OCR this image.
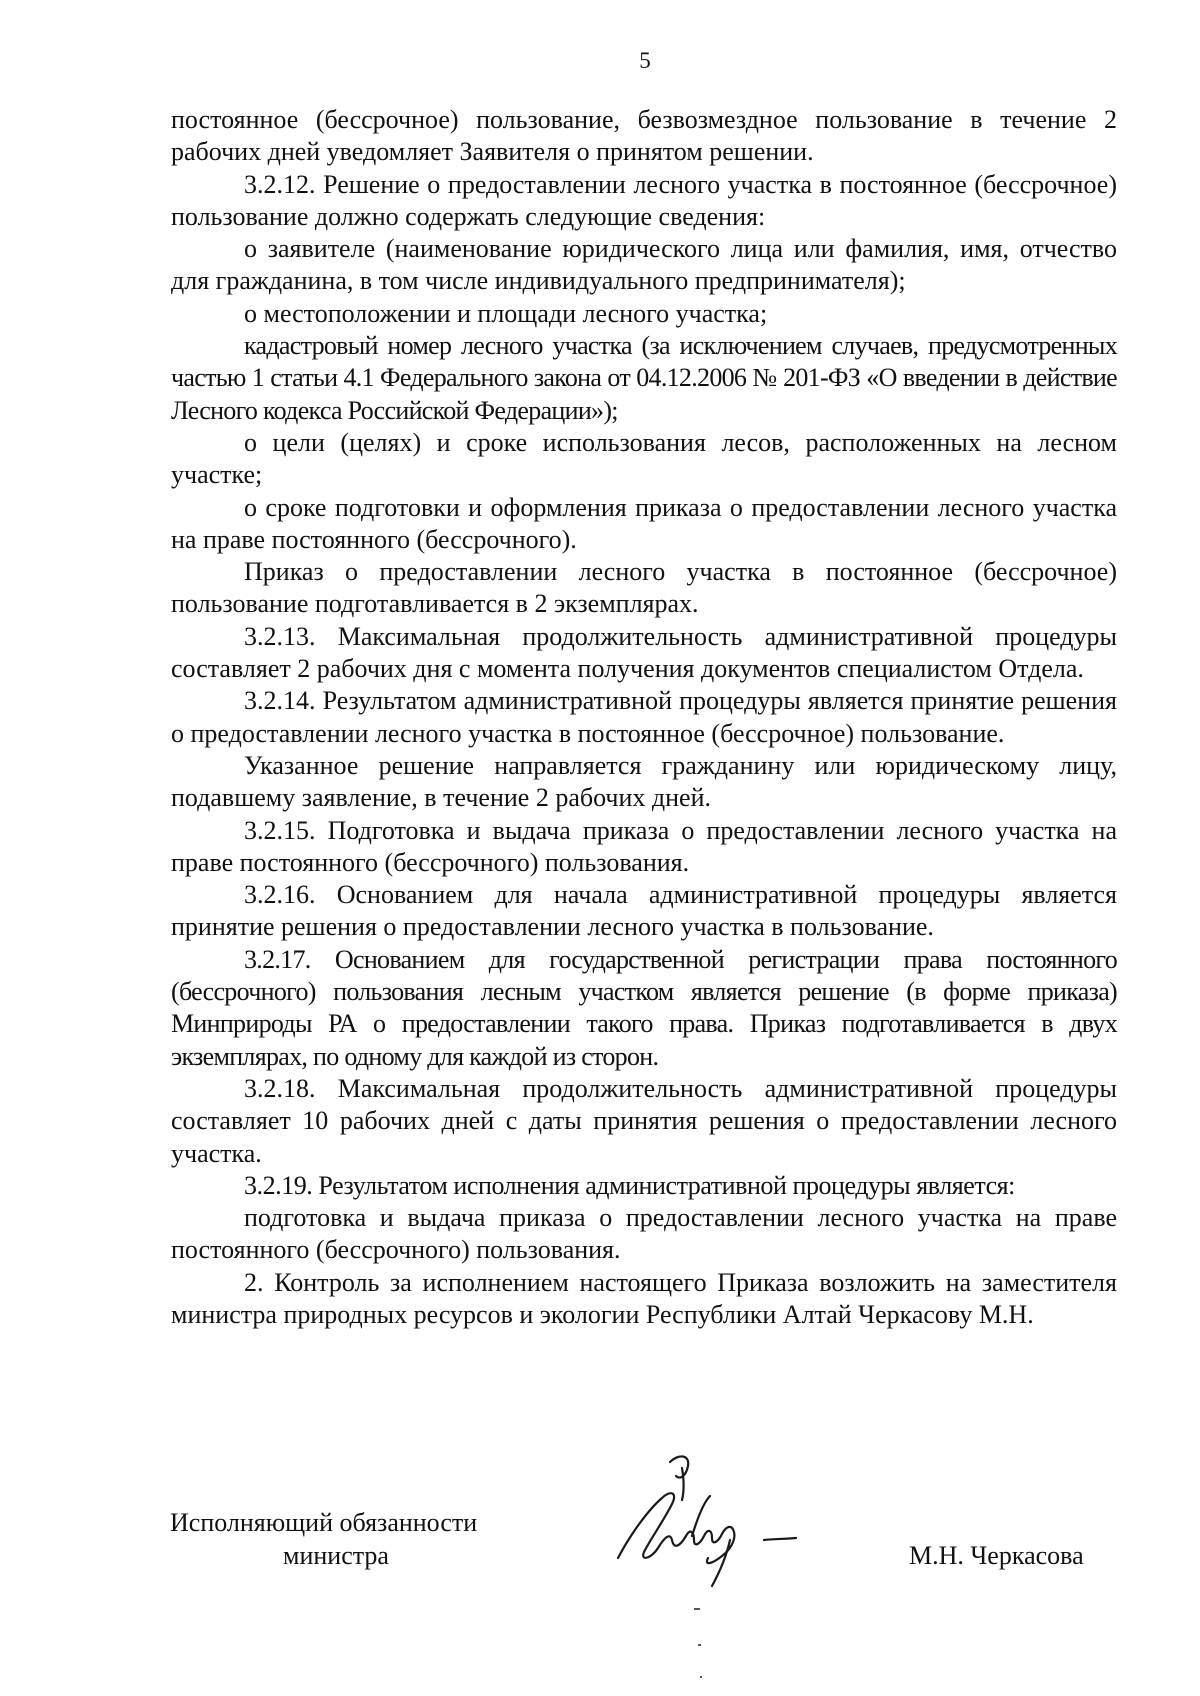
5

постоянное (бессрочное) пользование, безвозмездное пользование в течение 2 рабочих дней уведомляет Заявителя о принятом решении.

3.2.12. Решение о предоставлении лесного участка в постоянное (бессрочное) пользование должно содержать следующие сведения:

о заявителе (наименование юридического лица или фамилия, имя, отчество для гражданина, в том числе индивидуального предпринимателя);

о местоположении и площади лесного участка;

кадастровый номер лесного участка (за исключением случаев, предусмотренных частью 1 статьи 4.1 Федерального закона от 04.12.2006 № 201-ФЗ «О введении в действие Лесного кодекса Российской Федерации»);

о цели (целях) и сроке использования лесов, расположенных на лесном участке;

о сроке подготовки и оформления приказа о предоставлении лесного участка на праве постоянного (бессрочного).

Приказ о предоставлении лесного участка в постоянное (бессрочное) пользование подготавливается в 2 экземплярах.

3.2.13. Максимальная продолжительность административной процедуры составляет 2 рабочих дня с момента получения документов специалистом Отдела.

3.2.14. Результатом административной процедуры является принятие решения о предоставлении лесного участка в постоянное (бессрочное) пользование.

Указанное решение направляется гражданину или юридическому лицу, подавшему заявление, в течение 2 рабочих дней.

3.2.15. Подготовка и выдача приказа о предоставлении лесного участка на праве постоянного (бессрочного) пользования.

3.2.16. Основанием для начала административной процедуры является принятие решения о предоставлении лесного участка в пользование.

3.2.17. Основанием для государственной регистрации права постоянного (бессрочного) пользования лесным участком является решение (в форме приказа) Минприроды РА о предоставлении такого права. Приказ подготавливается в двух экземплярах, по одному для каждой из сторон.

3.2.18. Максимальная продолжительность административной процедуры составляет 10 рабочих дней с даты принятия решения о предоставлении лесного участка.

3.2.19. Результатом исполнения административной процедуры является:

подготовка и выдача приказа о предоставлении лесного участка на праве постоянного (бессрочного) пользования.

2. Контроль за исполнением настоящего Приказа возложить на заместителя министра природных ресурсов и экологии Республики Алтай Черкасову М.Н.

Исполняющий обязанности
министра	М.Н. Черкасова
